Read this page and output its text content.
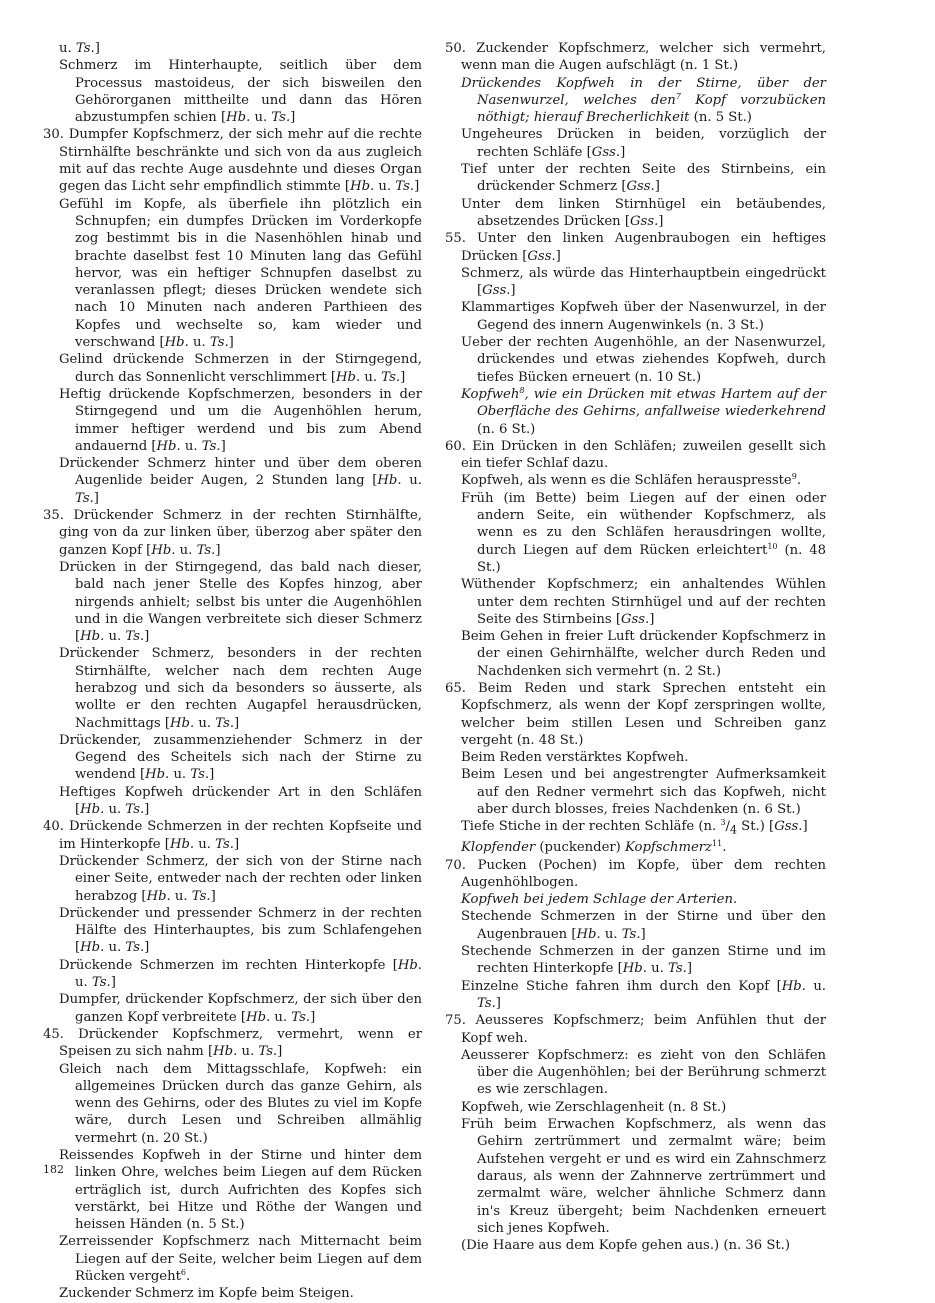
u. Ts.]
Schmerz im Hinterhaupte, seitlich über dem Processus mastoideus, der sich bisweilen den Gehörorganen mittheilte und dann das Hören abzustumpfen schien [Hb. u. Ts.]
30. Dumpfer Kopfschmerz, der sich mehr auf die rechte Stirnhälfte beschränkte und sich von da aus zugleich mit auf das rechte Auge ausdehnte und dieses Organ gegen das Licht sehr empfindlich stimmte [Hb. u. Ts.]
Gefühl im Kopfe, als überfiele ihn plötzlich ein Schnupfen; ein dumpfes Drücken im Vorderkopfe zog bestimmt bis in die Nasenhöhlen hinab und brachte daselbst fest 10 Minuten lang das Gefühl hervor, was ein heftiger Schnupfen daselbst zu veranlassen pflegt; dieses Drücken wendete sich nach 10 Minuten nach anderen Parthieen des Kopfes und wechselte so, kam wieder und verschwand [Hb. u. Ts.]
Gelind drückende Schmerzen in der Stirngegend, durch das Sonnenlicht verschlimmert [Hb. u. Ts.]
Heftig drückende Kopfschmerzen, besonders in der Stirngegend und um die Augenhöhlen herum, immer heftiger werdend und bis zum Abend andauernd [Hb. u. Ts.]
Drückender Schmerz hinter und über dem oberen Augenlide beider Augen, 2 Stunden lang [Hb. u. Ts.]
35. Drückender Schmerz in der rechten Stirnhälfte, ging von da zur linken über, überzog aber später den ganzen Kopf [Hb. u. Ts.]
Drücken in der Stirngegend, das bald nach dieser, bald nach jener Stelle des Kopfes hinzog, aber nirgends anhielt; selbst bis unter die Augenhöhlen und in die Wangen verbreitete sich dieser Schmerz [Hb. u. Ts.]
Drückender Schmerz, besonders in der rechten Stirnhälfte, welcher nach dem rechten Auge herabzog und sich da besonders so äusserte, als wollte er den rechten Augapfel herausdrücken, Nachmittags [Hb. u. Ts.]
Drückender, zusammenziehender Schmerz in der Gegend des Scheitels sich nach der Stirne zu wendend [Hb. u. Ts.]
Heftiges Kopfweh drückender Art in den Schläfen [Hb. u. Ts.]
40. Drückende Schmerzen in der rechten Kopfseite und im Hinterkopfe [Hb. u. Ts.]
Drückender Schmerz, der sich von der Stirne nach einer Seite, entweder nach der rechten oder linken herabzog [Hb. u. Ts.]
Drückender und pressender Schmerz in der rechten Hälfte des Hinterhauptes, bis zum Schlafengehen [Hb. u. Ts.]
Drückende Schmerzen im rechten Hinterkopfe [Hb. u. Ts.]
Dumpfer, drückender Kopfschmerz, der sich über den ganzen Kopf verbreitete [Hb. u. Ts.]
45. Drückender Kopfschmerz, vermehrt, wenn er Speisen zu sich nahm [Hb. u. Ts.]
Gleich nach dem Mittagsschlafe, Kopfweh: ein allgemeines Drücken durch das ganze Gehirn, als wenn des Gehirns, oder des Blutes zu viel im Kopfe wäre, durch Lesen und Schreiben allmählig vermehrt (n. 20 St.)
Reissendes Kopfweh in der Stirne und hinter dem linken Ohre, welches beim Liegen auf dem Rücken erträglich ist, durch Aufrichten des Kopfes sich verstärkt, bei Hitze und Röthe der Wangen und heissen Händen (n. 5 St.)
Zerreissender Kopfschmerz nach Mitternacht beim Liegen auf der Seite, welcher beim Liegen auf dem Rücken vergeht$^6$.
Zuckender Schmerz im Kopfe beim Steigen.
50. Zuckender Kopfschmerz, welcher sich vermehrt, wenn man die Augen aufschlägt (n. 1 St.)
Drückendes Kopfweh in der Stirne, über der Nasenwurzel, welches den$^7$ Kopf vorzubücken nöthigt; hierauf Brecherlichkeit (n. 5 St.)
Ungeheures Drücken in beiden, vorzüglich der rechten Schläfe [Gss.]
Tief unter der rechten Seite des Stirnbeins, ein drückender Schmerz [Gss.]
Unter dem linken Stirnhügel ein betäubendes, absetzendes Drücken [Gss.]
55. Unter den linken Augenbraubogen ein heftiges Drücken [Gss.]
Schmerz, als würde das Hinterhauptbein eingedrückt [Gss.]
Klammartiges Kopfweh über der Nasenwurzel, in der Gegend des innern Augenwinkels (n. 3 St.)
Ueber der rechten Augenhöhle, an der Nasenwurzel, drückendes und etwas ziehendes Kopfweh, durch tiefes Bücken erneuert (n. 10 St.)
Kopfweh$^8$, wie ein Drücken mit etwas Hartem auf der Oberfläche des Gehirns, anfallweise wiederkehrend (n. 6 St.)
60. Ein Drücken in den Schläfen; zuweilen gesellt sich ein tiefer Schlaf dazu.
Kopfweh, als wenn es die Schläfen herauspresste$^9$.
Früh (im Bette) beim Liegen auf der einen oder andern Seite, ein wüthender Kopfschmerz, als wenn es zu den Schläfen herausdringen wollte, durch Liegen auf dem Rücken erleichtert$^{10}$ (n. 48 St.)
Wüthender Kopfschmerz; ein anhaltendes Wühlen unter dem rechten Stirnhügel und auf der rechten Seite des Stirnbeins [Gss.]
Beim Gehen in freier Luft drückender Kopfschmerz in der einen Gehirnhälfte, welcher durch Reden und Nachdenken sich vermehrt (n. 2 St.)
65. Beim Reden und stark Sprechen entsteht ein Kopfschmerz, als wenn der Kopf zerspringen wollte, welcher beim stillen Lesen und Schreiben ganz vergeht (n. 48 St.)
Beim Reden verstärktes Kopfweh.
Beim Lesen und bei angestrengter Aufmerksamkeit auf den Redner vermehrt sich das Kopfweh, nicht aber durch blosses, freies Nachdenken (n. 6 St.)
Tiefe Stiche in der rechten Schläfe (n. $^3/_4$ St.) [Gss.]
Klopfender (puckender) Kopfschmerz$^{11}$.
70. Pucken (Pochen) im Kopfe, über dem rechten Augenhöhlbogen.
Kopfweh bei jedem Schlage der Arterien.
Stechende Schmerzen in der Stirne und über den Augenbrauen [Hb. u. Ts.]
Stechende Schmerzen in der ganzen Stirne und im rechten Hinterkopfe [Hb. u. Ts.]
Einzelne Stiche fahren ihm durch den Kopf [Hb. u. Ts.]
75. Aeusseres Kopfschmerz; beim Anfühlen thut der Kopf weh.
Aeusserer Kopfschmerz: es zieht von den Schläfen über die Augenhöhlen; bei der Berührung schmerzt es wie zerschlagen.
Kopfweh, wie Zerschlagenheit (n. 8 St.)
Früh beim Erwachen Kopfschmerz, als wenn das Gehirn zertrümmert und zermalmt wäre; beim Aufstehen vergeht er und es wird ein Zahnschmerz daraus, als wenn der Zahnnerve zertrümmert und zermalmt wäre, welcher ähnliche Schmerz dann in's Kreuz übergeht; beim Nachdenken erneuert sich jenes Kopfweh.
(Die Haare aus dem Kopfe gehen aus.) (n. 36 St.)
182
